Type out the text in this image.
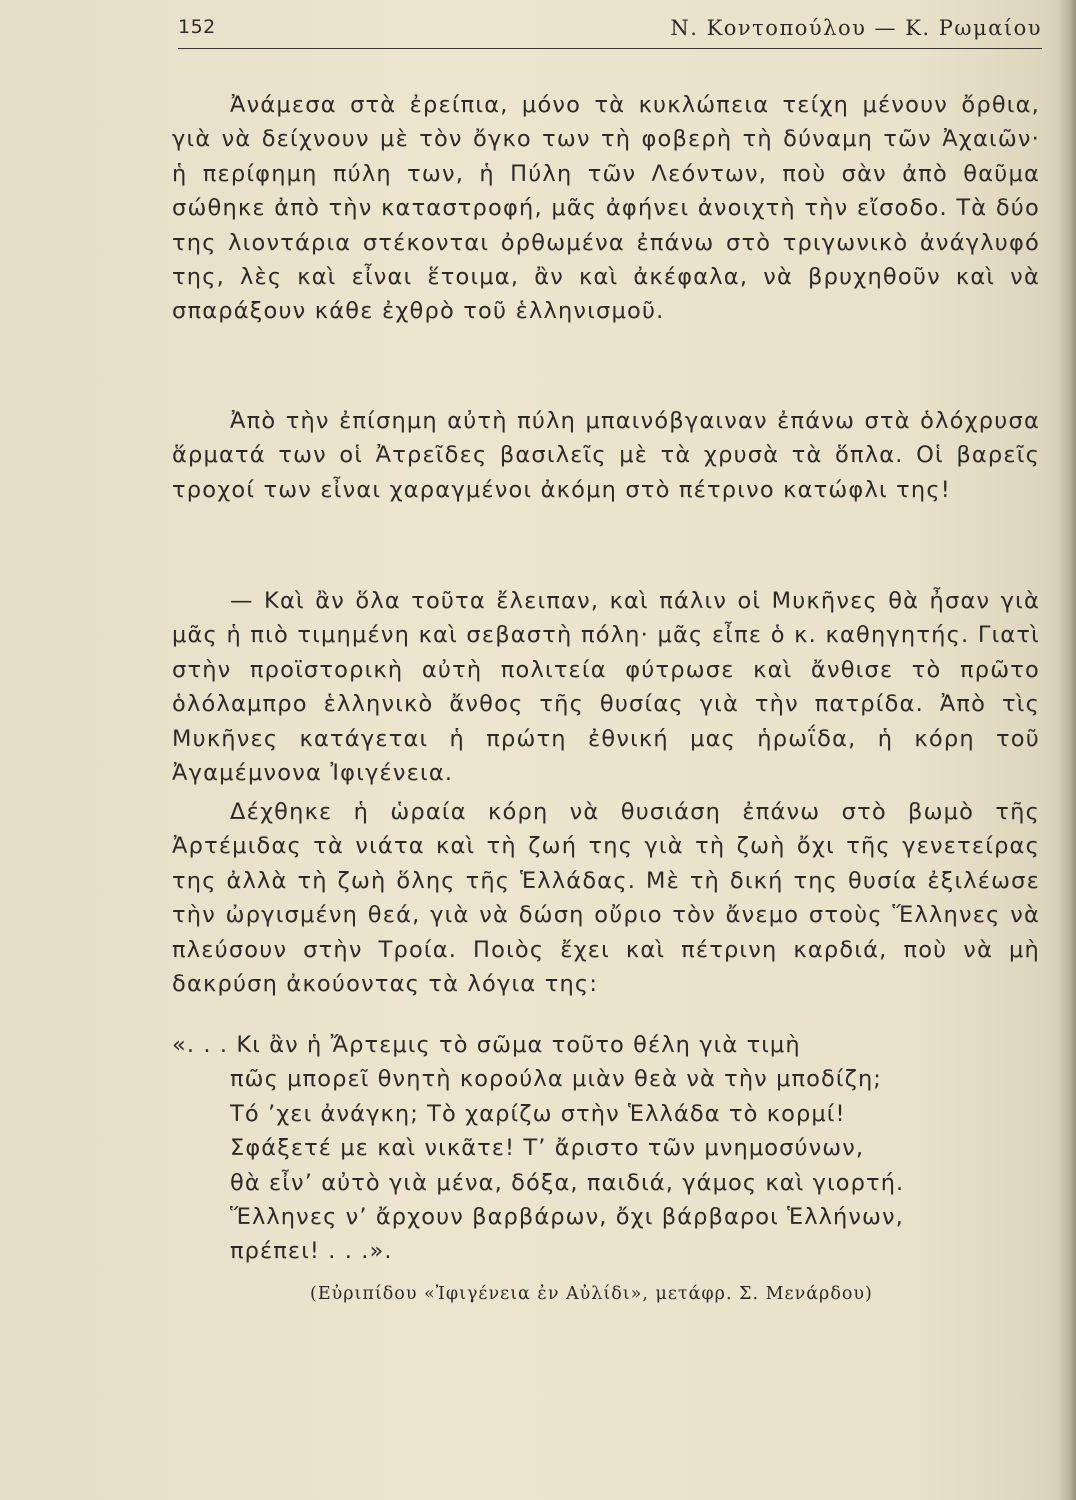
152	Ν. Κοντοπούλου — Κ. Ρωμαίου

Ἀνάμεσα στὰ ἐρείπια, μόνο τὰ κυκλώπεια τείχη μένουν ὄρθια, γιὰ νὰ δείχνουν μὲ τὸν ὄγκο των τὴ φοβερὴ τὴ δύναμη τῶν Ἀχαιῶν· ἡ περίφημη πύλη των, ἡ Πύλη τῶν Λεόντων, ποὺ σὰν ἀπὸ θαῦμα σώθηκε ἀπὸ τὴν καταστροφή, μᾶς ἀφήνει ἀνοιχτὴ τὴν εἴσοδο. Τὰ δύο της λιοντάρια στέκονται ὀρθωμένα ἐπάνω στὸ τριγωνικὸ ἀνάγλυφό της, λὲς καὶ εἶναι ἕτοιμα, ἂν καὶ ἀκέφαλα, νὰ βρυχηθοῦν καὶ νὰ σπαράξουν κάθε ἐχθρὸ τοῦ ἑλληνισμοῦ.

Ἀπὸ τὴν ἐπίσημη αὐτὴ πύλη μπαινόβγαιναν ἐπάνω στὰ ὁλόχρυσα ἅρματά των οἱ Ἀτρεῖδες βασιλεῖς μὲ τὰ χρυσὰ τὰ ὅπλα. Οἱ βαρεῖς τροχοί των εἶναι χαραγμένοι ἀκόμη στὸ πέτρινο κατώφλι της!

— Καὶ ἂν ὅλα τοῦτα ἔλειπαν, καὶ πάλιν οἱ Μυκῆνες θὰ ἦσαν γιὰ μᾶς ἡ πιὸ τιμημένη καὶ σεβαστὴ πόλη· μᾶς εἶπε ὁ κ. καθηγητής. Γιατὶ στὴν προϊστορικὴ αὐτὴ πολιτεία φύτρωσε καὶ ἄνθισε τὸ πρῶτο ὁλόλαμπρο ἑλληνικὸ ἄνθος τῆς θυσίας γιὰ τὴν πατρίδα. Ἀπὸ τὶς Μυκῆνες κατάγεται ἡ πρώτη ἐθνική μας ἡρωΐδα, ἡ κόρη τοῦ Ἀγαμέμνονα Ἰφιγένεια.

Δέχθηκε ἡ ὡραία κόρη νὰ θυσιάση ἐπάνω στὸ βωμὸ τῆς Ἀρτέμιδας τὰ νιάτα καὶ τὴ ζωή της γιὰ τὴ ζωὴ ὄχι τῆς γενετείρας της ἀλλὰ τὴ ζωὴ ὅλης τῆς Ἑλλάδας. Μὲ τὴ δική της θυσία ἐξιλέωσε τὴν ὠργισμένη θεά, γιὰ νὰ δώση οὔριο τὸν ἄνεμο στοὺς Ἕλληνες νὰ πλεύσουν στὴν Τροία. Ποιὸς ἔχει καὶ πέτρινη καρδιά, ποὺ νὰ μὴ δακρύση ἀκούοντας τὰ λόγια της:

«. . . Κι ἂν ἡ Ἄρτεμις τὸ σῶμα τοῦτο θέλη γιὰ τιμὴ
πῶς μπορεῖ θνητὴ κορούλα μιὰν θεὰ νὰ τὴν μποδίζη;
Τό ’χει ἀνάγκη; Τὸ χαρίζω στὴν Ἑλλάδα τὸ κορμί!
Σφάξετέ με καὶ νικᾶτε! Τ’ ἄριστο τῶν μνημοσύνων,
θὰ εἶν’ αὐτὸ γιὰ μένα, δόξα, παιδιά, γάμος καὶ γιορτή.
Ἕλληνες ν’ ἄρχουν βαρβάρων, ὄχι βάρβαροι Ἑλλήνων,
πρέπει! . . .».
(Εὐριπίδου «Ἰφιγένεια ἐν Αὐλίδι», μετάφρ. Σ. Μενάρδου)
